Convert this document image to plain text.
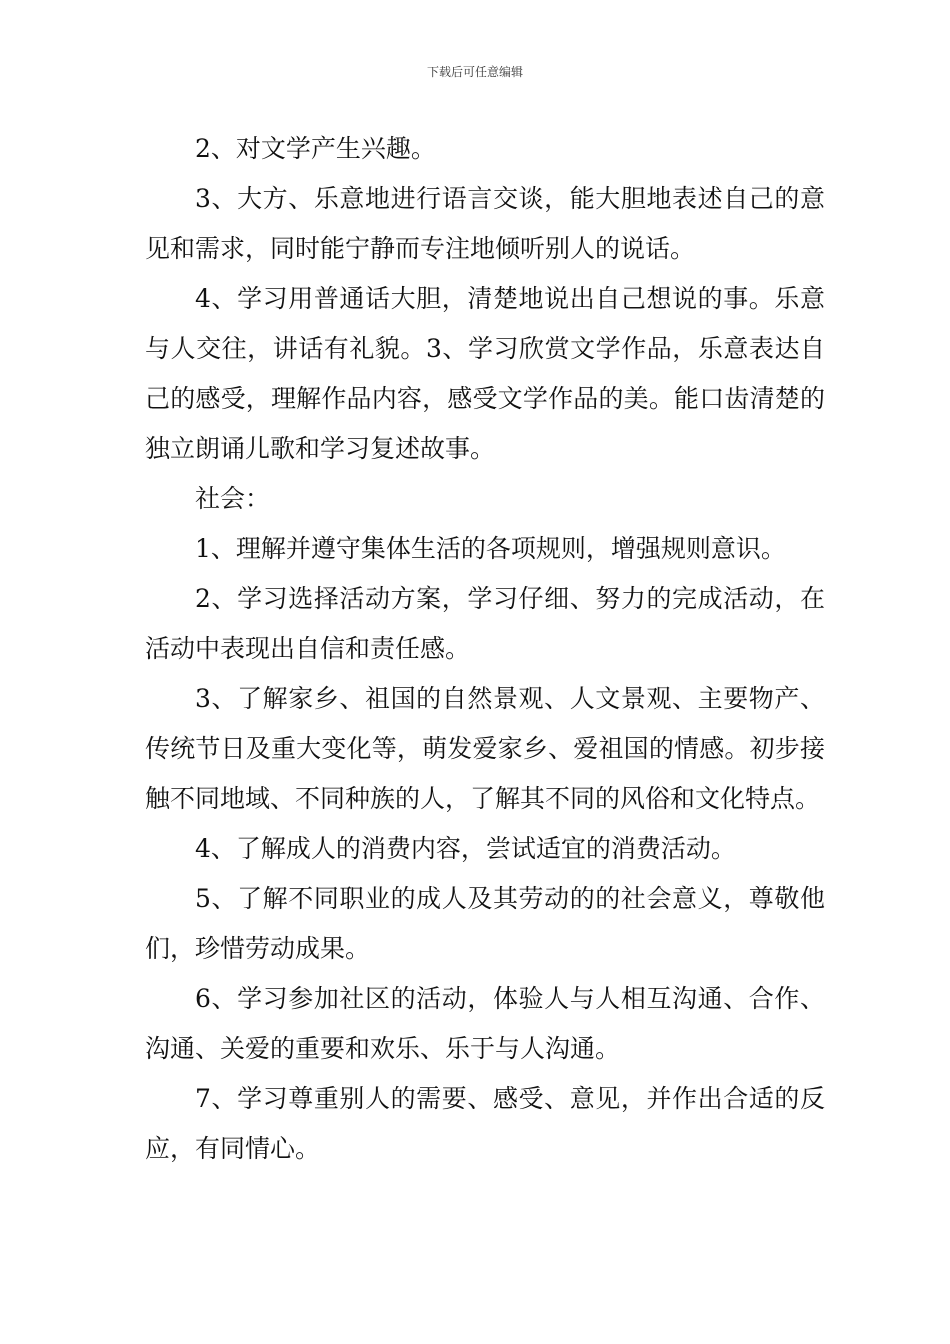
下载后可任意编辑

2、对文学产生兴趣。

3、大方、乐意地进行语言交谈，能大胆地表述自己的意见和需求，同时能宁静而专注地倾听别人的说话。

4、学习用普通话大胆，清楚地说出自己想说的事。乐意与人交往，讲话有礼貌。3、学习欣赏文学作品，乐意表达自己的感受，理解作品内容，感受文学作品的美。能口齿清楚的独立朗诵儿歌和学习复述故事。

社会：

1、理解并遵守集体生活的各项规则，增强规则意识。

2、学习选择活动方案，学习仔细、努力的完成活动，在活动中表现出自信和责任感。

3、了解家乡、祖国的自然景观、人文景观、主要物产、传统节日及重大变化等，萌发爱家乡、爱祖国的情感。初步接触不同地域、不同种族的人，了解其不同的风俗和文化特点。

4、了解成人的消费内容，尝试适宜的消费活动。

5、了解不同职业的成人及其劳动的的社会意义，尊敬他们，珍惜劳动成果。

6、学习参加社区的活动，体验人与人相互沟通、合作、沟通、关爱的重要和欢乐、乐于与人沟通。

7、学习尊重别人的需要、感受、意见，并作出合适的反应，有同情心。
